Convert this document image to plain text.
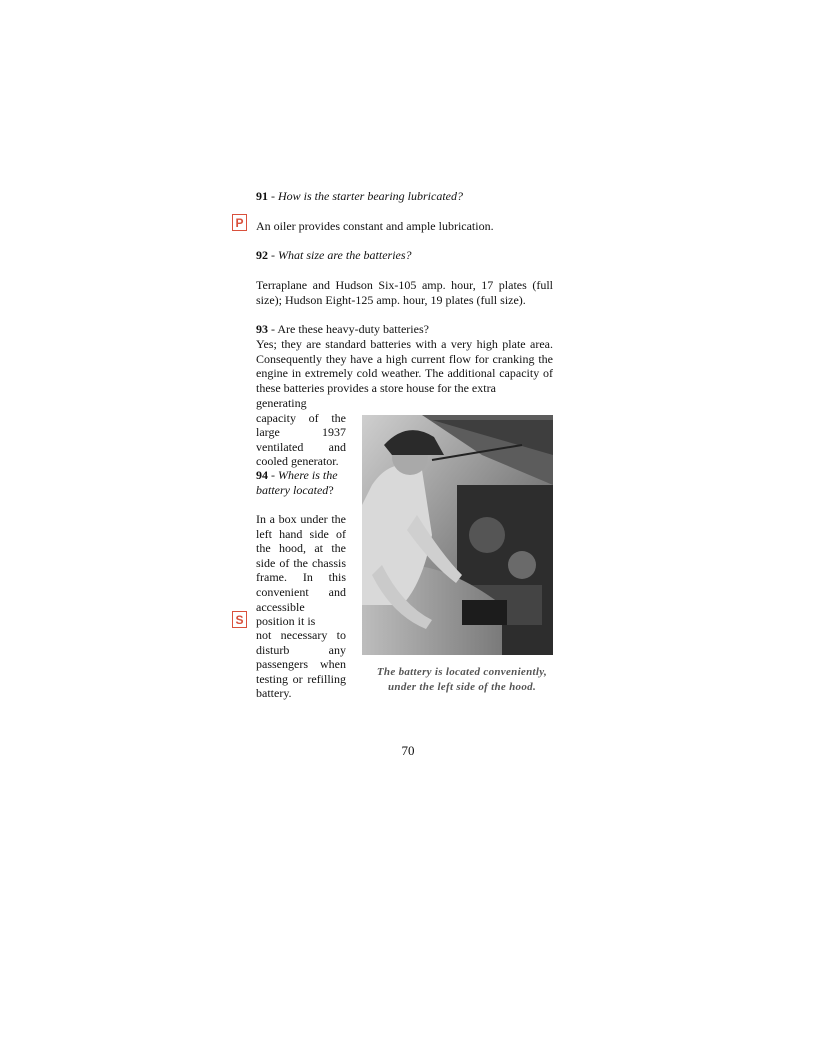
P
S
91 - How is the starter bearing lubricated?
An oiler provides constant and ample lubrication.
92 - What size are the batteries?
Terraplane and Hudson Six-105 amp. hour, 17 plates (full size); Hudson Eight-125 amp. hour, 19 plates (full size).
93 - Are these heavy-duty batteries?
Yes; they are standard batteries with a very high plate area. Consequently they have a high current flow for cranking the engine in extremely cold weather. The additional capacity of these batteries provides a store house for the extra
generating capacity of the large 1937 ventilated and cooled generator.
94 - Where is the battery located?
In a box under the left hand side of the hood, at the side of the chassis frame. In this convenient and accessible position it is
not necessary to disturb any passengers when testing or refilling battery.
The battery is located conveniently,
under the left side of the hood.
70
